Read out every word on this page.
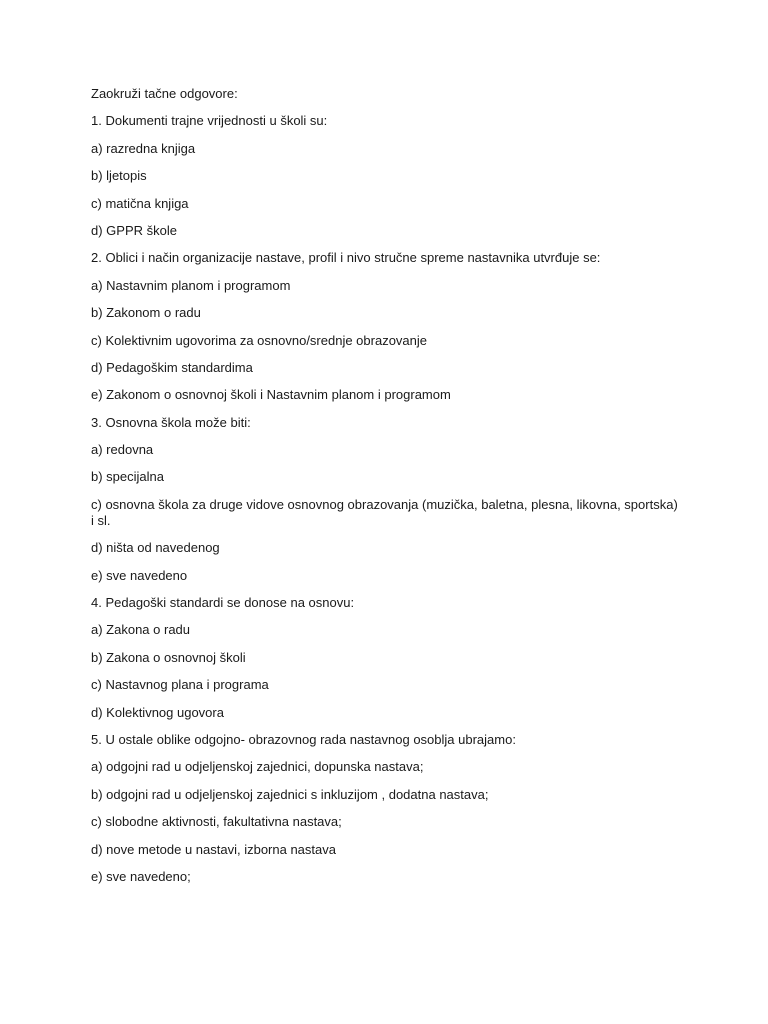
Zaokruži tačne odgovore:
1. Dokumenti trajne vrijednosti u školi su:
a) razredna knjiga
b) ljetopis
c) matična knjiga
d) GPPR škole
2. Oblici i način organizacije nastave, profil i nivo stručne spreme nastavnika utvrđuje se:
a) Nastavnim planom i programom
b) Zakonom o radu
c) Kolektivnim ugovorima za osnovno/srednje obrazovanje
d) Pedagoškim standardima
e) Zakonom o osnovnoj školi i Nastavnim planom i programom
3. Osnovna škola može biti:
a) redovna
b) specijalna
c) osnovna škola za druge vidove osnovnog obrazovanja (muzička, baletna, plesna, likovna, sportska) i sl.
d) ništa od navedenog
e) sve navedeno
4. Pedagoški standardi se donose na osnovu:
a) Zakona o radu
b) Zakona o osnovnoj školi
c) Nastavnog plana i programa
d) Kolektivnog ugovora
5. U ostale oblike odgojno- obrazovnog rada nastavnog osoblja ubrajamo:
a) odgojni rad u odjeljenskoj zajednici, dopunska nastava;
b) odgojni rad u odjeljenskoj zajednici s inkluzijom , dodatna nastava;
c) slobodne aktivnosti, fakultativna nastava;
d) nove metode u nastavi, izborna nastava
e) sve navedeno;
